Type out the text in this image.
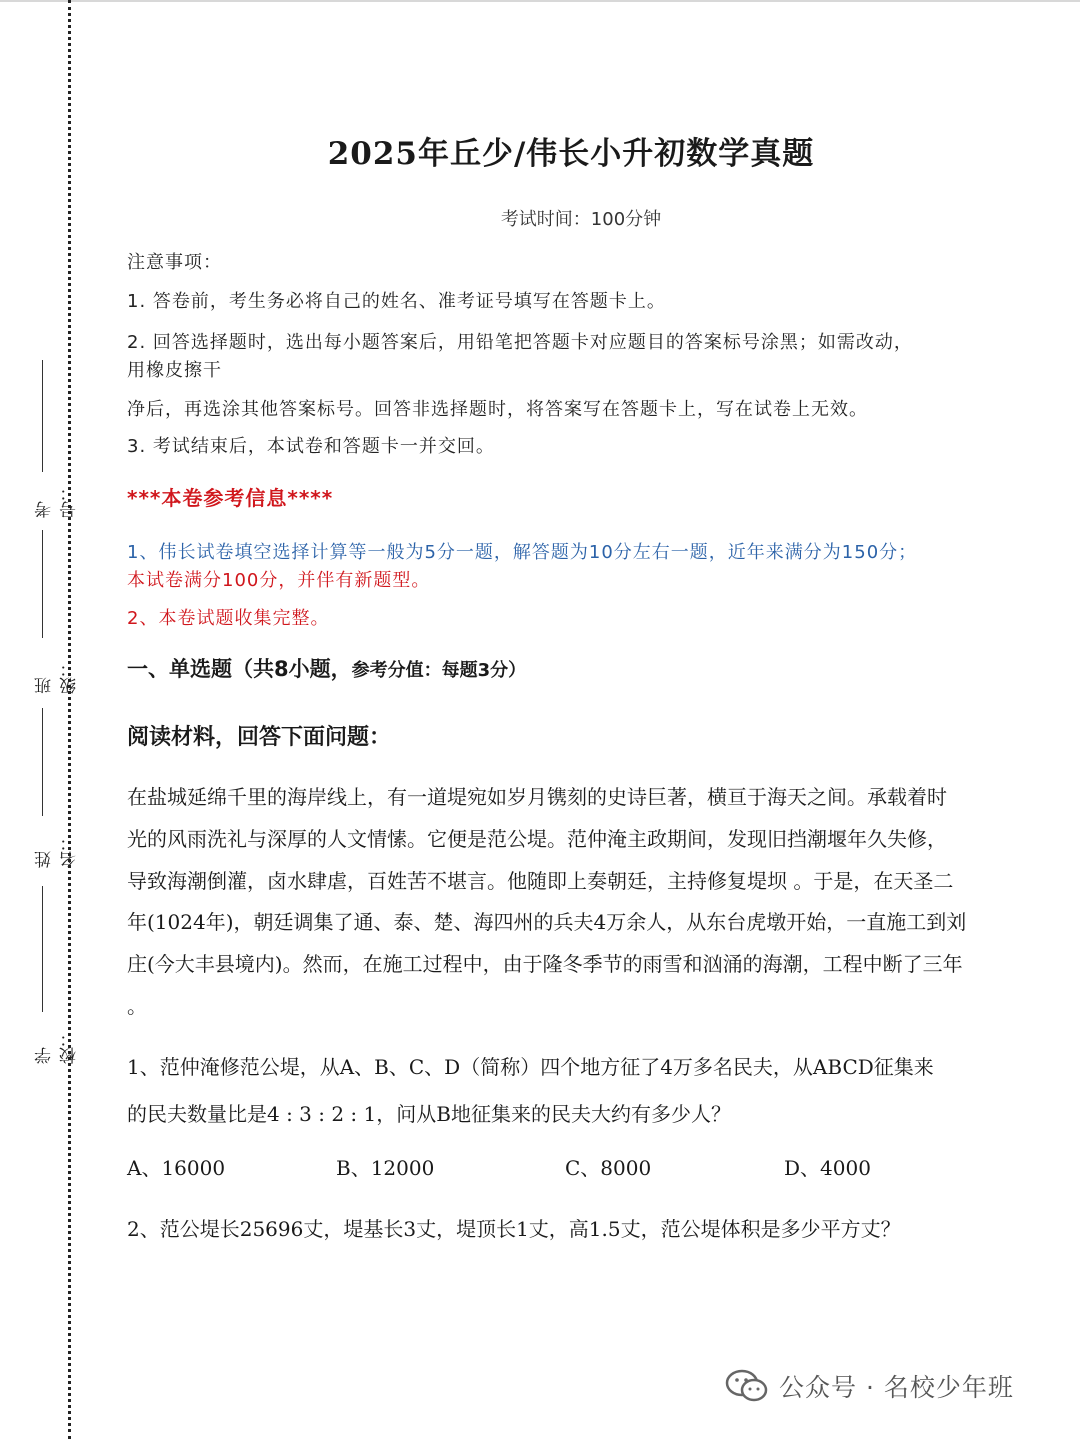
考号：
班级：
姓名：
学校：
2025年丘少/伟长小升初数学真题
考试时间：100分钟
注意事项：
1. 答卷前，考生务必将自己的姓名、准考证号填写在答题卡上。
2. 回答选择题时，选出每小题答案后，用铅笔把答题卡对应题目的答案标号涂黑；如需改动，
用橡皮擦干
净后，再选涂其他答案标号。回答非选择题时，将答案写在答题卡上，写在试卷上无效。
3. 考试结束后，本试卷和答题卡一并交回。
***本卷参考信息****
1、伟长试卷填空选择计算等一般为5分一题，解答题为10分左右一题，近年来满分为150分；
本试卷满分100分，并伴有新题型。
2、本卷试题收集完整。
一、单选题（共8小题，参考分值：每题3分）
阅读材料，回答下面问题：
在盐城延绵千里的海岸线上，有一道堤宛如岁月镌刻的史诗巨著，横亘于海天之间。承载着时
光的风雨洗礼与深厚的人文情愫。它便是范公堤。范仲淹主政期间，发现旧挡潮堰年久失修，
导致海潮倒灌，卤水肆虐，百姓苦不堪言。他随即上奏朝廷，主持修复堤坝 。于是，在天圣二
年(1024年)，朝廷调集了通、泰、楚、海四州的兵夫4万余人，从东台虎墩开始，一直施工到刘
庄(今大丰县境内)。然而，在施工过程中，由于隆冬季节的雨雪和汹涌的海潮，工程中断了三年
。
1、范仲淹修范公堤，从A、B、C、D（简称）四个地方征了4万多名民夫，从ABCD征集来
的民夫数量比是4 : 3 : 2 : 1，问从B地征集来的民夫大约有多少人？
A、16000	B、12000	C、8000	D、4000
2、范公堤长25696丈，堤基长3丈，堤顶长1丈，高1.5丈，范公堤体积是多少平方丈？
公众号 · 名校少年班
